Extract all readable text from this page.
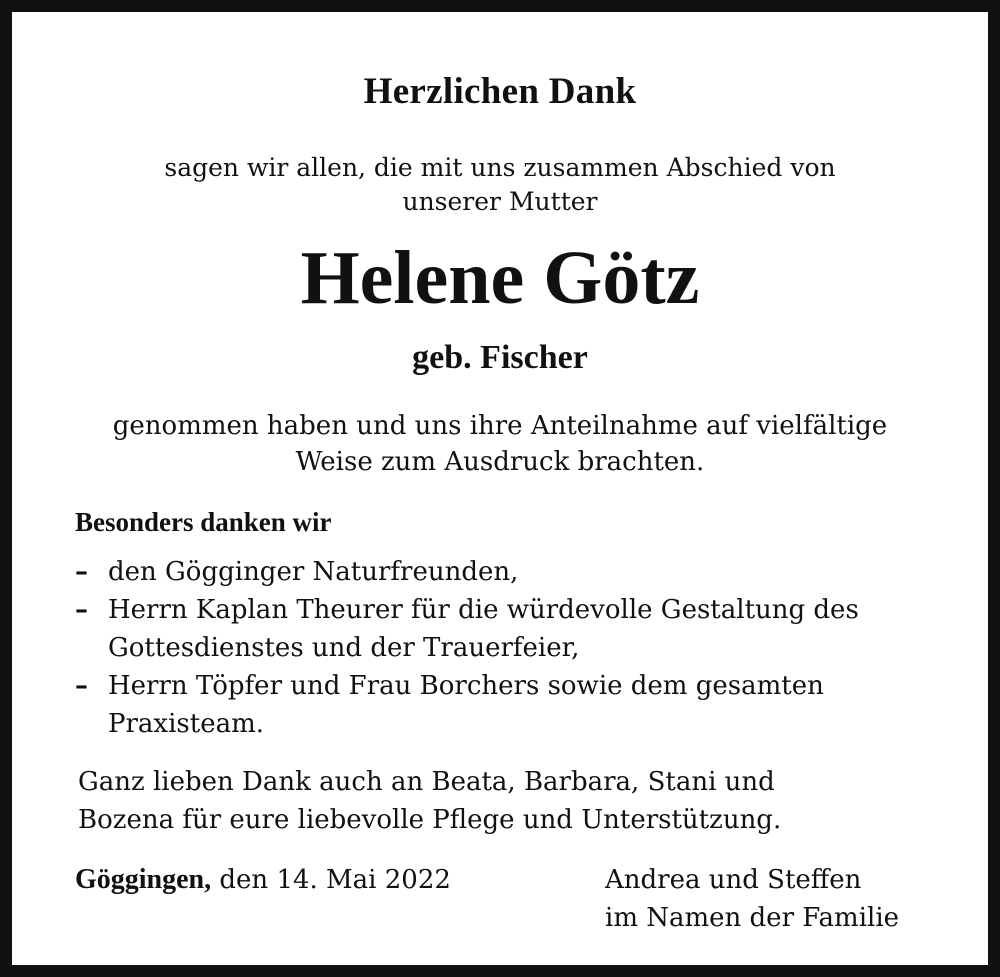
Herzlichen Dank
sagen wir allen, die mit uns zusammen Abschied von
unserer Mutter
Helene Götz
geb. Fischer
genommen haben und uns ihre Anteilnahme auf vielfältige
Weise zum Ausdruck brachten.
Besonders danken wir
– den Gögginger Naturfreunden,
– Herrn Kaplan Theurer für die würdevolle Gestaltung des
Gottesdienstes und der Trauerfeier,
– Herrn Töpfer und Frau Borchers sowie dem gesamten
Praxisteam.
Ganz lieben Dank auch an Beata, Barbara, Stani und
Bozena für eure liebevolle Pflege und Unterstützung.
Göggingen, den 14. Mai 2022	Andrea und Steffen
im Namen der Familie
